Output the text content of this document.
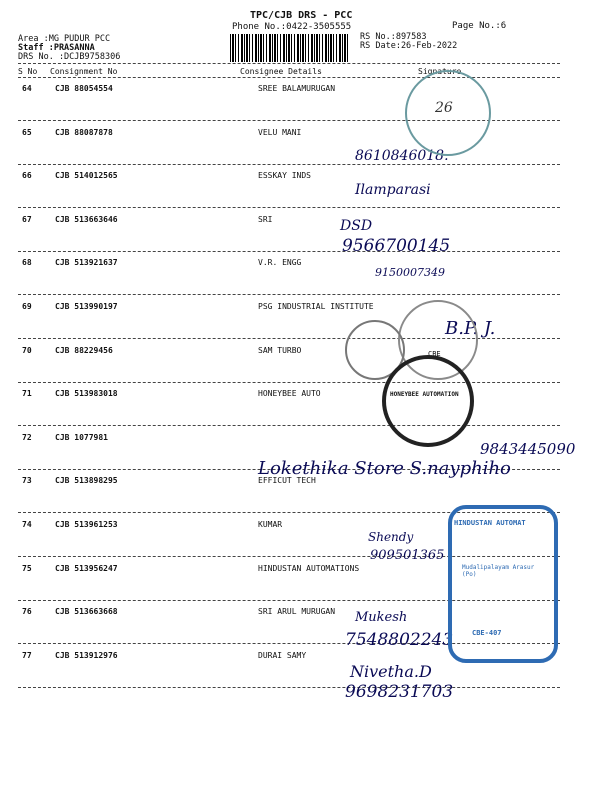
TPC/CJB DRS - PCC
Phone No.:0422-3505555	Page No.:6
Area :MG PUDUR PCC
Staff :PRASANNA
DRS No. :DCJB9758306
RS No.:897583
RS Date:26-Feb-2022
S No Consignment No	Consignee Details	Signature
64	CJB 88054554	SREE BALAMURUGAN
65	CJB 88087878	VELU MANI
8610846018.
66	CJB 514012565	ESSKAY INDS
Ilamparasi
67	CJB 513663646	SRI	DSD
9566700145
68	CJB 513921637	V.R. ENGG
9150007349
69	CJB 513990197	PSG INDUSTRIAL INSTITUTE
B.P. J.
70	CJB 88229456	SAM TURBO
71	CJB 513983018	HONEYBEE AUTO
72	CJB 1077981
9843445090
Lokethika Store S.nayphiho
73	CJB 513898295	EFFICUT TECH
74	CJB 513961253	KUMAR
Shendy
909501365
75	CJB 513956247	HINDUSTAN AUTOMATIONS
76	CJB 513663668	SRI ARUL MURUGAN Mukesh
7548802243
77	CJB 513912976	DURAI SAMY
Nivetha.D
9698231703
26
CBE
HONEYBEE AUTOMATION
HINDUSTAN AUTOMAT
Mudalipalayam Arasur (Po)
CBE-407
